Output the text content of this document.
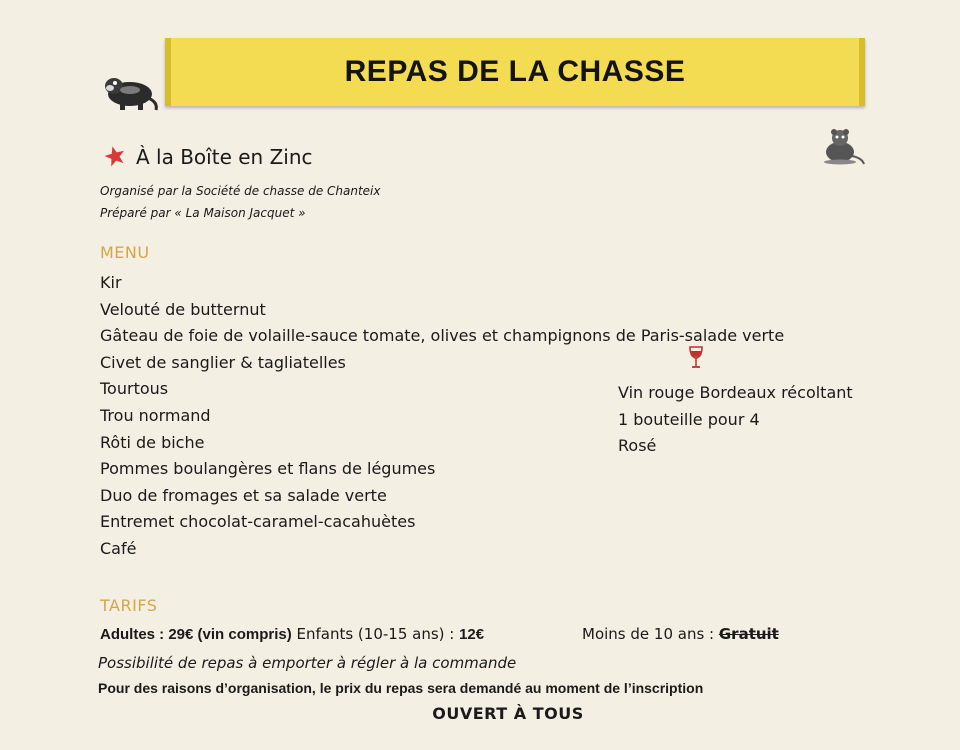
REPAS DE LA CHASSE
À la Boîte en Zinc
Organisé par la Société de chasse de Chanteix
Préparé par « La Maison Jacquet »
MENU
Kir
Velouté de butternut
Gâteau de foie de volaille-sauce tomate, olives et champignons de Paris-salade verte
Civet de sanglier & tagliatelles
Tourtous
Trou normand
Rôti de biche
Pommes boulangères et flans de légumes
Duo de fromages et sa salade verte
Entremet chocolat-caramel-cacahuètes
Café
Vin rouge Bordeaux récoltant
1 bouteille pour 4
Rosé
TARIFS
Adultes : 29€ (vin compris) Enfants (10-15 ans) : 12€	Moins de 10 ans : Gratuit
Possibilité de repas à emporter à régler à la commande
Pour des raisons d’organisation, le prix du repas sera demandé au moment de l’inscription
OUVERT À TOUS
